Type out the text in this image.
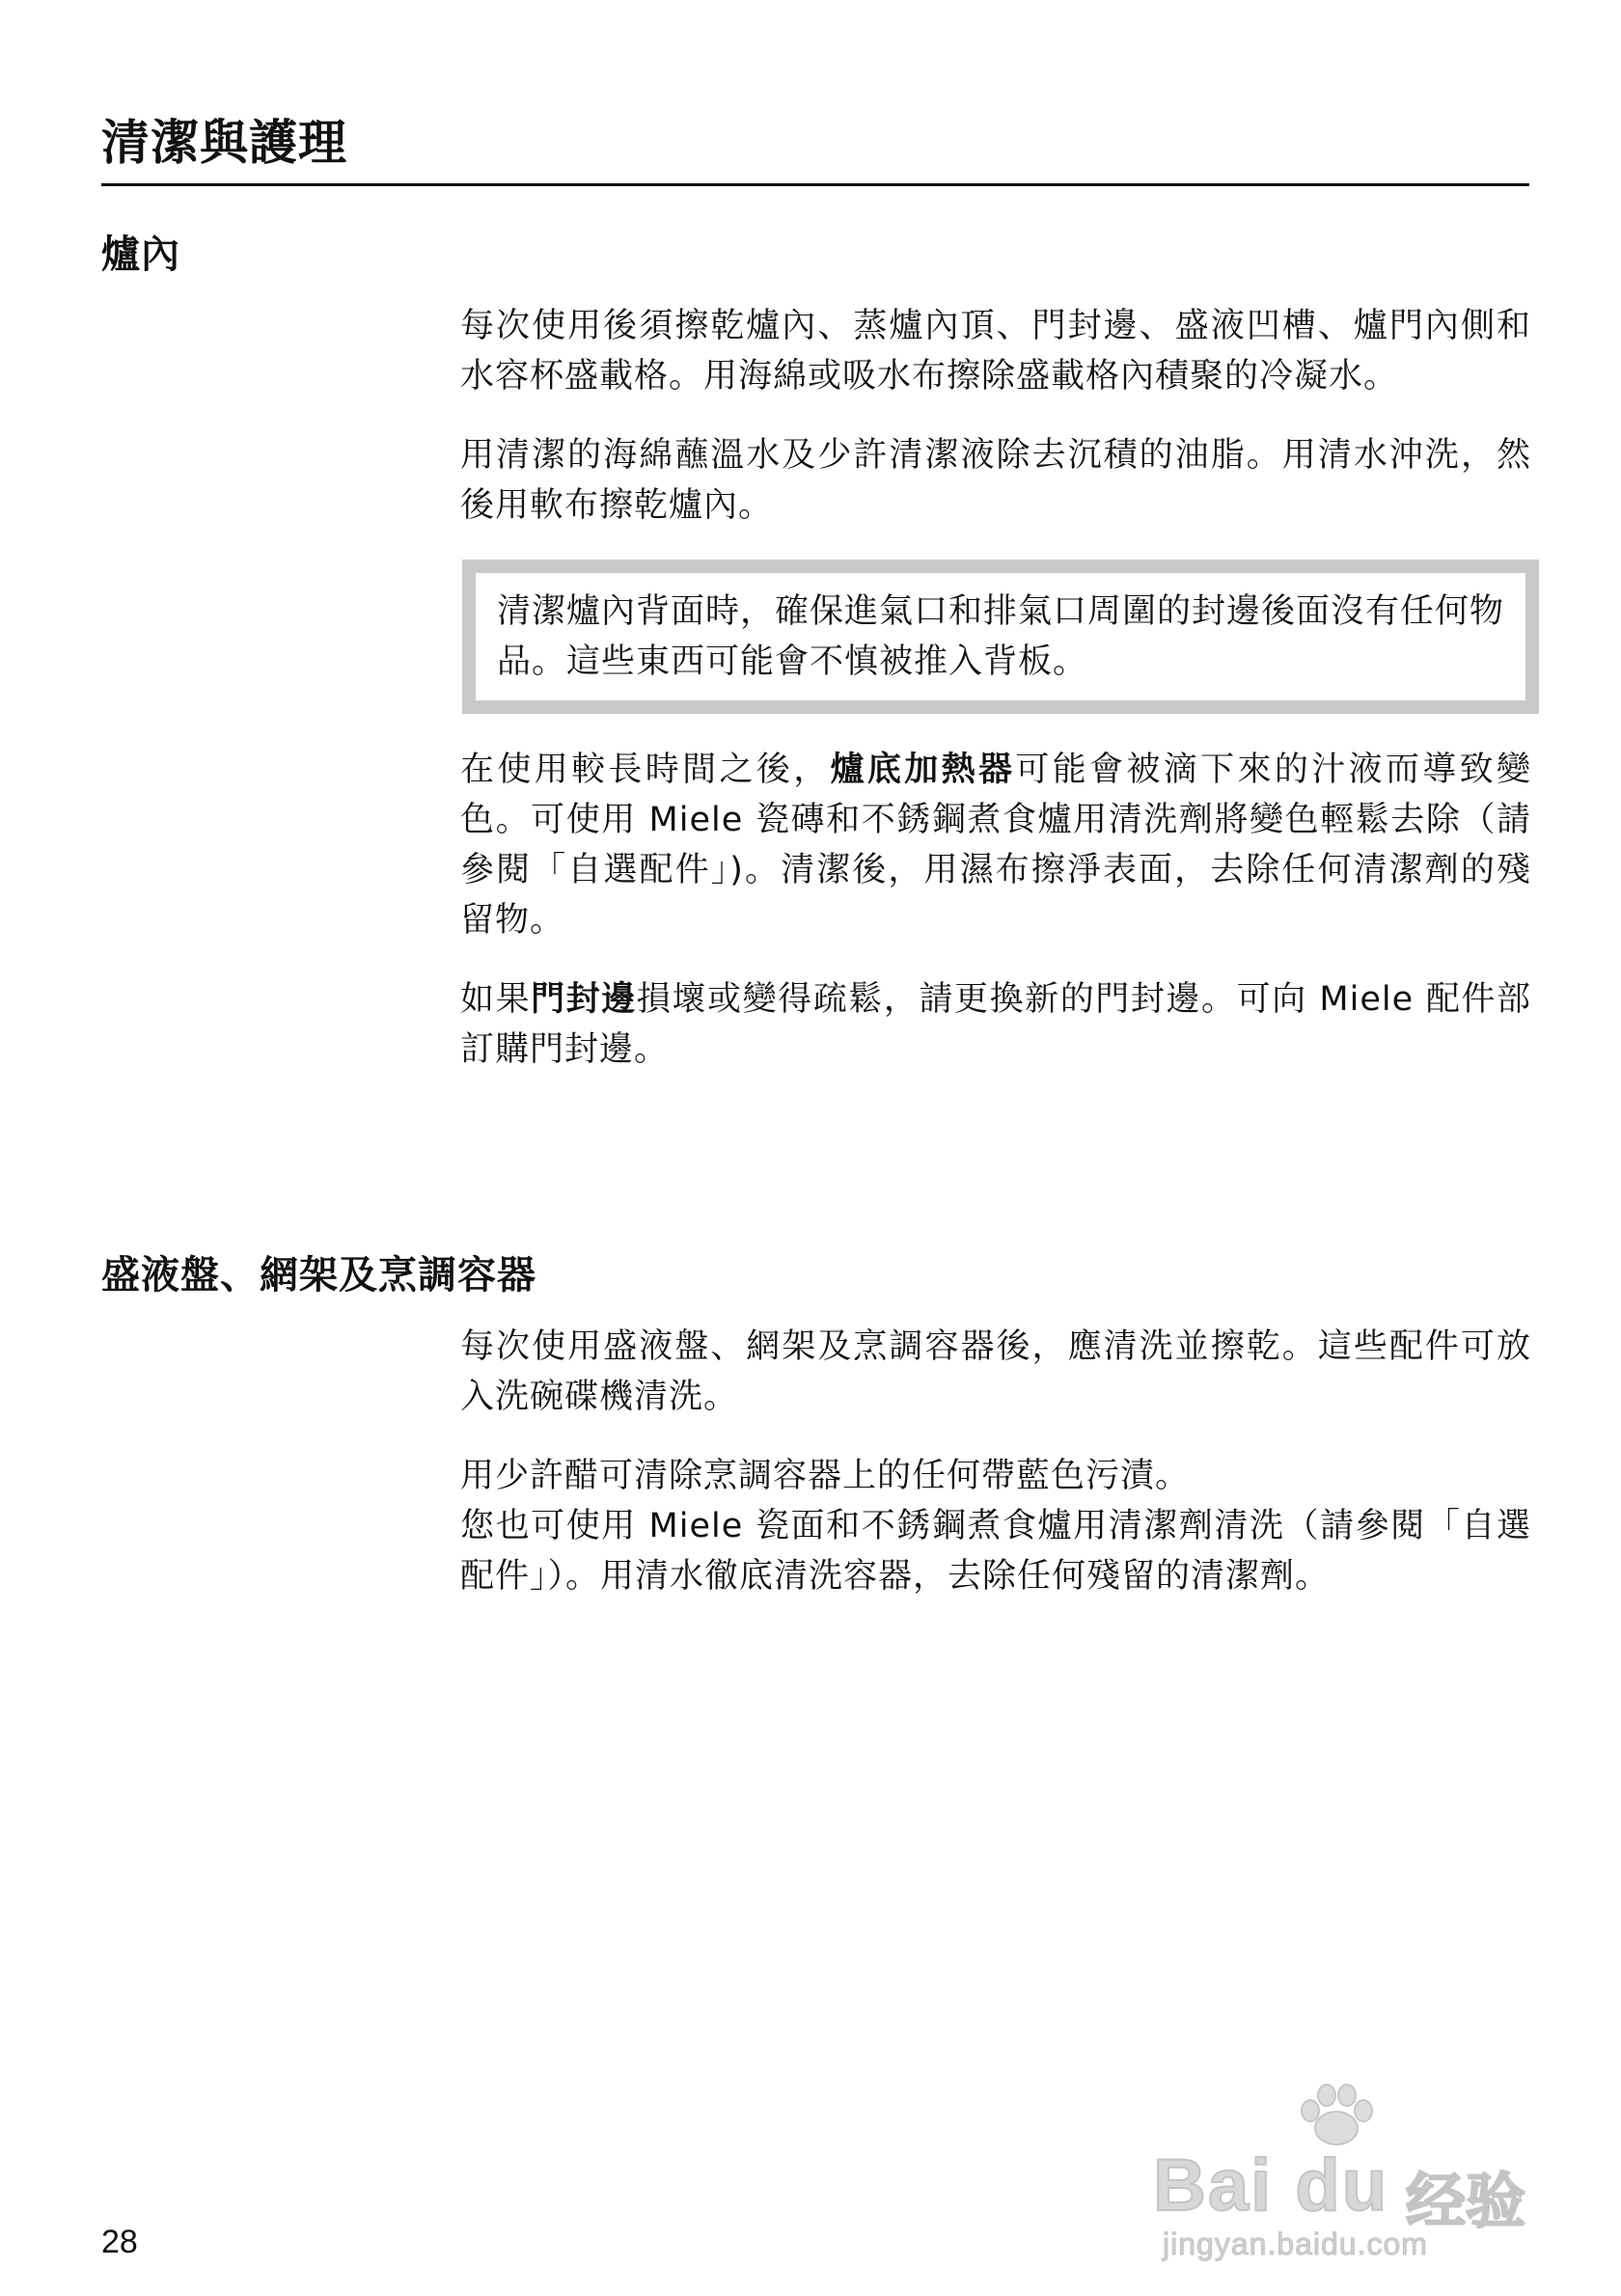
清潔與護理
爐內

每次使用後須擦乾爐內、蒸爐內頂、門封邊、盛液凹槽、爐門內側和水容杯盛載格。用海綿或吸水布擦除盛載格內積聚的冷凝水。

用清潔的海綿蘸溫水及少許清潔液除去沉積的油脂。用清水沖洗，然後用軟布擦乾爐內。

清潔爐內背面時，確保進氣口和排氣口周圍的封邊後面沒有任何物品。這些東西可能會不慎被推入背板。

在使用較長時間之後，爐底加熱器可能會被滴下來的汁液而導致變色。可使用 Miele 瓷磚和不銹鋼煮食爐用清洗劑將變色輕鬆去除（請參閱「自選配件」)。清潔後，用濕布擦淨表面，去除任何清潔劑的殘留物。

如果門封邊損壞或變得疏鬆，請更換新的門封邊。可向 Miele 配件部訂購門封邊。

盛液盤、網架及烹調容器

每次使用盛液盤、網架及烹調容器後，應清洗並擦乾。這些配件可放入洗碗碟機清洗。

用少許醋可清除烹調容器上的任何帶藍色污漬。

您也可使用 Miele 瓷面和不銹鋼煮食爐用清潔劑清洗（請參閱「自選配件」）。用清水徹底清洗容器，去除任何殘留的清潔劑。

28
Bai du 经验
jingyan.baidu.com
